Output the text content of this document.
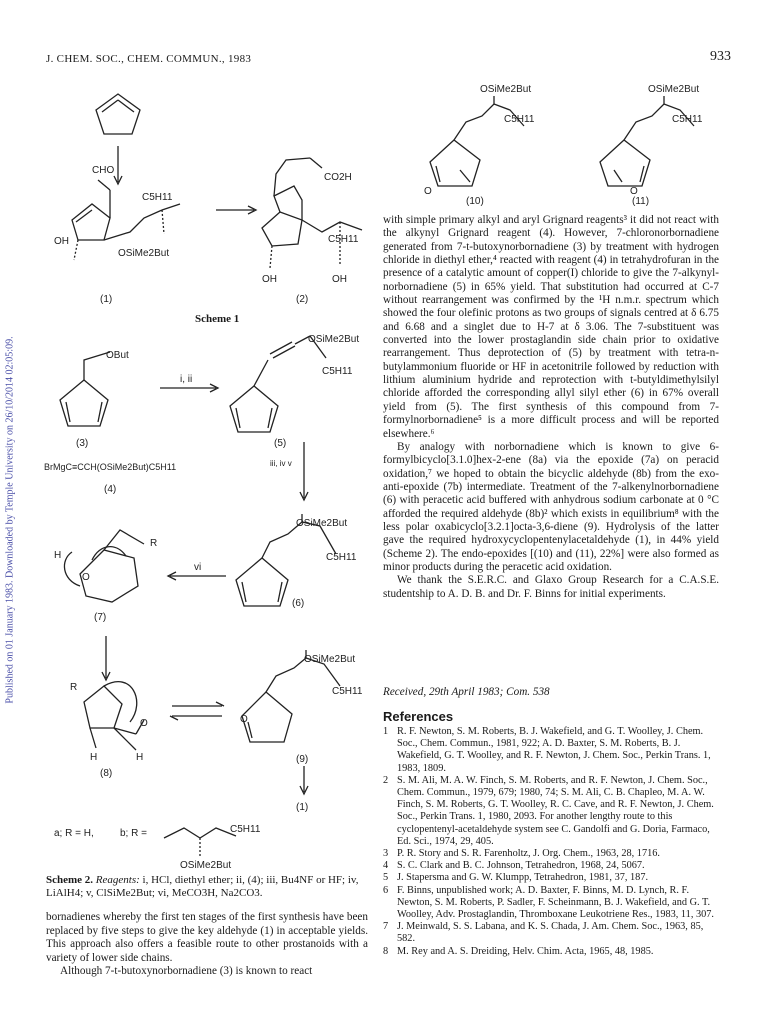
J. CHEM. SOC., CHEM. COMMUN., 1983	933
Published on 01 January 1983. Downloaded by Temple University on 26/10/2014 02:05:09.
CHO
C5H11
OH
OSiMe2But
(1)
CO2H
C5H11
OH	OH
(2)
Scheme 1
OBut
(3)
i, ii
OSiMe2But
C5H11
(5)
BrMgC≡CCH(OSiMe2But)C5H11
(4)
iii, iv v
OSiMe2But
C5H11
(6)
vi
R
H
O
(7)
R
O
H	H
(8)
OSiMe2But
C5H11
O
(9)
(1)
a; R = H,	b; R =	C5H11
OSiMe2But
OSiMe2But
C5H11
O
(10)
OSiMe2But
C5H11
O
(11)
Scheme 2. Reagents: i, HCl, diethyl ether; ii, (4); iii, Bu4NF or HF; iv, LiAlH4; v, ClSiMe2But; vi, MeCO3H, Na2CO3.

bornadienes whereby the first ten stages of the first synthesis have been replaced by five steps to give the key aldehyde (1) in acceptable yields. This approach also offers a feasible route to other prostanoids with a variety of lower side chains.

Although 7-t-butoxynorbornadiene (3) is known to react

with simple primary alkyl and aryl Grignard reagents³ it did not react with the alkynyl Grignard reagent (4). However, 7-chloronorbornadiene generated from 7-t-butoxynorbornadiene (3) by treatment with hydrogen chloride in diethyl ether,⁴ reacted with reagent (4) in tetrahydrofuran in the presence of a catalytic amount of copper(I) chloride to give the 7-alkynyl-norbornadiene (5) in 65% yield. That substitution had occurred at C-7 without rearrangement was confirmed by the ¹H n.m.r. spectrum which showed the four olefinic protons as two groups of signals centred at δ 6.75 and 6.68 and a singlet due to H-7 at δ 3.06. The 7-substituent was converted into the lower prostaglandin side chain prior to oxidative rearrangement. Thus deprotection of (5) by treatment with tetra-n-butylammonium fluoride or HF in acetonitrile followed by reduction with lithium aluminium hydride and reprotection with t-butyldimethylsilyl chloride afforded the corresponding allyl silyl ether (6) in 67% overall yield from (5). The first synthesis of this compound from 7-formylnorbornadiene⁵ is a more difficult process and will be reported elsewhere.⁶

By analogy with norbornadiene which is known to give 6-formylbicyclo[3.1.0]hex-2-ene (8a) via the epoxide (7a) on peracid oxidation,⁷ we hoped to obtain the bicyclic aldehyde (8b) from the exo-anti-epoxide (7b) intermediate. Treatment of the 7-alkenylnorbornadiene (6) with peracetic acid buffered with anhydrous sodium carbonate at 0 °C afforded the required aldehyde (8b)² which exists in equilibrium⁸ with the less polar oxabicyclo[3.2.1]octa-3,6-diene (9). Hydrolysis of the latter gave the required hydroxycyclopentenylacetaldehyde (1), in 44% yield (Scheme 2). The endo-epoxides [(10) and (11), 22%] were also formed as minor products during the peracetic acid oxidation.

We thank the S.E.R.C. and Glaxo Group Research for a C.A.S.E. studentship to A. D. B. and Dr. F. Binns for initial experiments.

Received, 29th April 1983; Com. 538
References
1 R. F. Newton, S. M. Roberts, B. J. Wakefield, and G. T. Woolley, J. Chem. Soc., Chem. Commun., 1981, 922; A. D. Baxter, S. M. Roberts, B. J. Wakefield, G. T. Woolley, and R. F. Newton, J. Chem. Soc., Perkin Trans. 1, 1983, 1809.
2 S. M. Ali, M. A. W. Finch, S. M. Roberts, and R. F. Newton, J. Chem. Soc., Chem. Commun., 1979, 679; 1980, 74; S. M. Ali, C. B. Chapleo, M. A. W. Finch, S. M. Roberts, G. T. Woolley, R. C. Cave, and R. F. Newton, J. Chem. Soc., Perkin Trans. 1, 1980, 2093. For another lengthy route to this cyclopentenyl-acetaldehyde system see C. Gandolfi and G. Doria, Farmaco, Ed. Sci., 1974, 29, 405.
3 P. R. Story and S. R. Farenholtz, J. Org. Chem., 1963, 28, 1716.
4 S. C. Clark and B. C. Johnson, Tetrahedron, 1968, 24, 5067.
5 J. Stapersma and G. W. Klumpp, Tetrahedron, 1981, 37, 187.
6 F. Binns, unpublished work; A. D. Baxter, F. Binns, M. D. Lynch, R. F. Newton, S. M. Roberts, P. Sadler, F. Scheinmann, B. J. Wakefield, and G. T. Woolley, Adv. Prostaglandin, Thromboxane Leukotriene Res., 1983, 11, 307.
7 J. Meinwald, S. S. Labana, and K. S. Chada, J. Am. Chem. Soc., 1963, 85, 582.
8 M. Rey and A. S. Dreiding, Helv. Chim. Acta, 1965, 48, 1985.
